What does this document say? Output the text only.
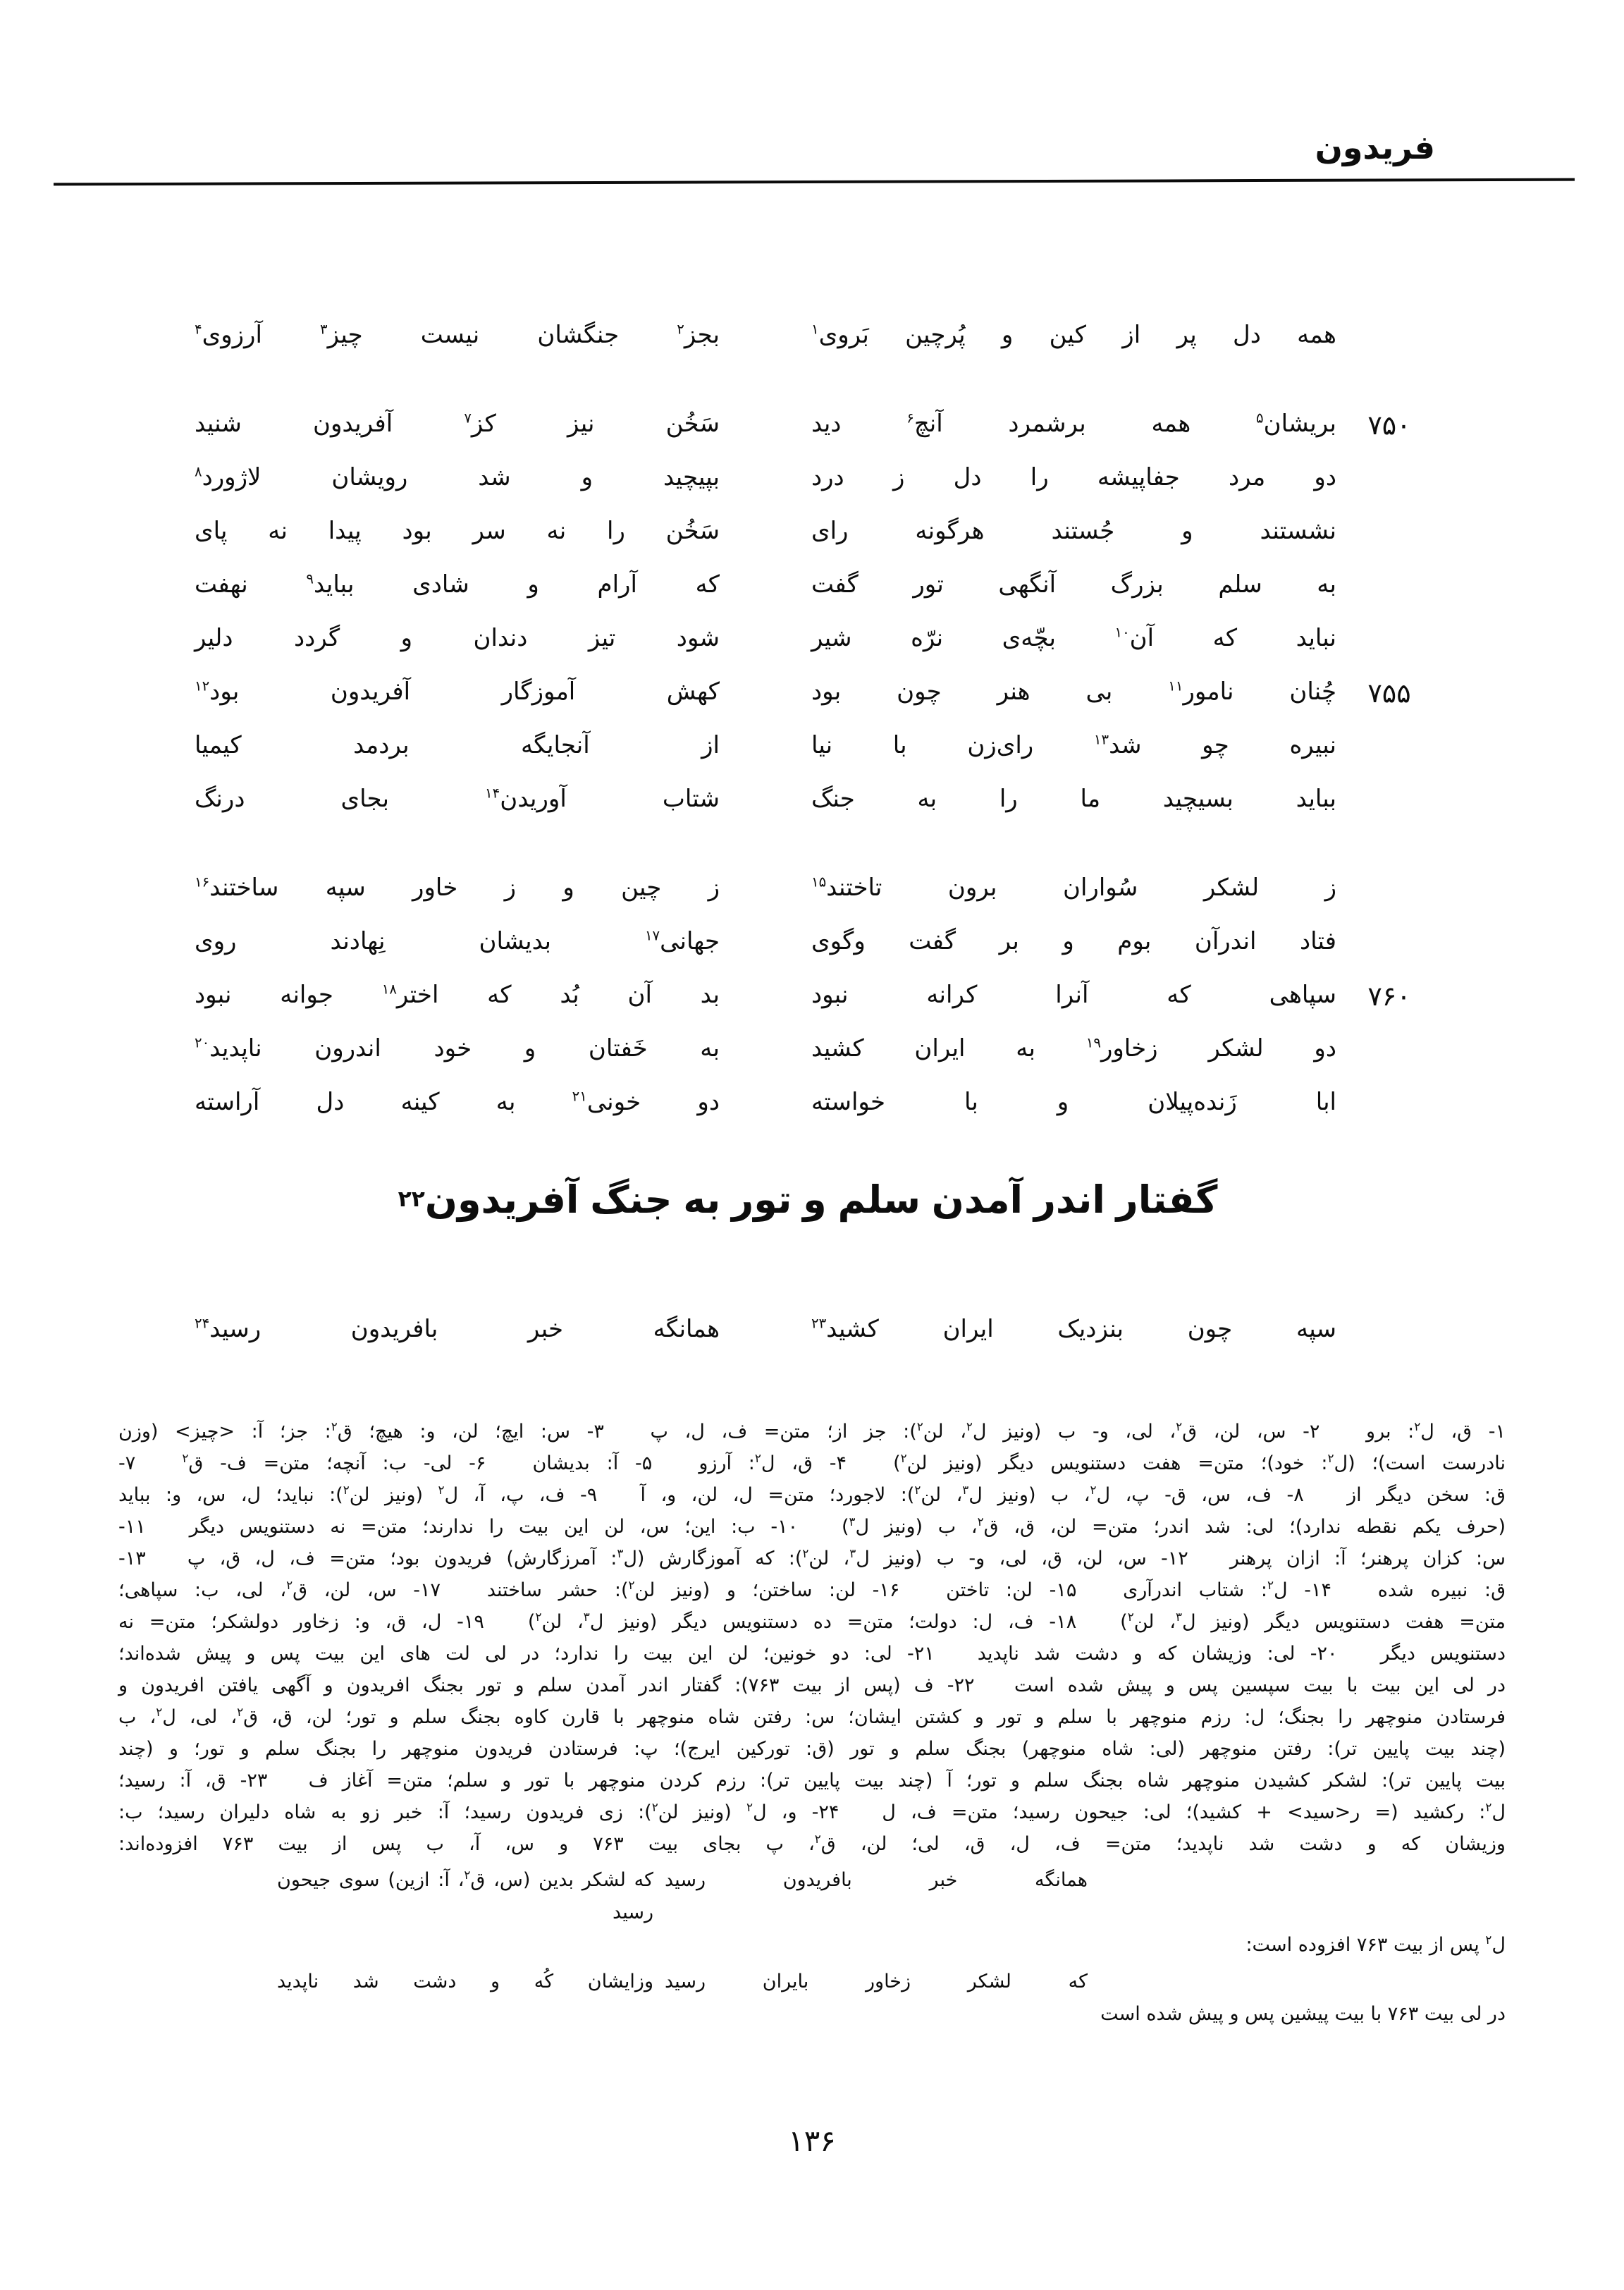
فریدون
همه دل پر از کین و پُرچین بَروی$^۱$
بجز$^۲$ جنگشان نیست چیز$^۳$ آرزوی$^۴$
۷۵۰
بریشان$^۵$ همه برشمرد آنچ$^۶$ دید
سَخُن نیز کز$^۷$ آفریدون شنید
دو مرد جفاپیشه را دل ز درد
بپیچید و شد رویشان لاژورد$^۸$
نشستند و جُستند هرگونه رای
سَخُن را نه سر بود پیدا نه پای
به سلم بزرگ آنگهی تور گفت
که آرام و شادی بباید$^۹$ نهفت
نباید که آن$^{۱۰}$ بچّه‌ی نرّه شیر
شود تیز دندان و گردد دلیر
۷۵۵
چُنان نامور$^{۱۱}$ بی هنر چون بود
کهش آموزگار آفریدون بود$^{۱۲}$
نبیره چو شد$^{۱۳}$ رای‌زن با نیا
از آنجایگه بردمد کیمیا
بباید بسیچید ما را به جنگ
شتاب آوریدن$^{۱۴}$ بجای درنگ
ز لشکر سُواران برون تاختند$^{۱۵}$
ز چین و ز خاور سپه ساختند$^{۱۶}$
فتاد اندرآن بوم و بر گفت وگوی
جهانی$^{۱۷}$ بدیشان نِهادند روی
۷۶۰
سپاهی که آنرا کرانه نبود
بد آن بُد که اختر$^{۱۸}$ جوانه نبود
دو لشکر زخاور$^{۱۹}$ به ایران کشید
به خَفتان و خود اندرون ناپدید$^{۲۰}$
ابا زَنده‌پیلان و با خواسته
دو خونی$^{۲۱}$ به کینه دل آراسته
گفتار اندر آمدن سلم و تور به جنگ آفریدون
۲۲
سپه چون بنزدیک ایران کشید$^{۲۳}$
همانگه خبر بافریدون رسید$^{۲۴}$
۱- ق، ل$^۲$: برو　 ۲- س، لن، ق$^۲$، لی، و- ب (ونیز ل$^۲$، لن$^۲$): جز از؛ متن= ف، ل، پ　 ۳- س: ایچ؛ لن، و: هیچ؛ ق$^۲$: جز؛ آ: <چیز> (وزن
نادرست است)؛ (ل$^۲$: خود)؛ متن= هفت دستنویس دیگر (ونیز لن$^۲$)　 ۴- ق، ل$^۲$: آرزو　 ۵- آ: بدیشان　 ۶- لی- ب: آنچه؛ متن= ف- ق$^۲$　 ۷-
ق: سخن دیگر از　 ۸- ف، س، ق- پ، ل$^۲$، ب (ونیز ل$^۳$، لن$^۲$): لاجورد؛ متن= ل، لن، و، آ　 ۹- ف، پ، آ، ل$^۲$ (ونیز لن$^۲$): نباید؛ ل، س، و: بباید
(حرف یکم نقطه ندارد)؛ لی: شد اندر؛ متن= لن، ق، ق$^۲$، ب (ونیز ل$^۳$)　 ۱۰- ب: این؛ س، لن این بیت را ندارند؛ متن= نه دستنویس دیگر　 ۱۱-
س: کزان پرهنر؛ آ: ازان پرهنر　 ۱۲- س، لن، ق، لی، و- ب (ونیز ل$^۳$، لن$^۲$): که آموزگارش (ل$^۳$: آمرزگارش) فریدون بود؛ متن= ف، ل، ق، پ　 ۱۳-
ق: نبیره شده　 ۱۴- ل$^۲$: شتاب اندرآری　 ۱۵- لن: تاختن　 ۱۶- لن: ساختن؛ و (ونیز لن$^۲$): حشر ساختند　 ۱۷- س، لن، ق$^۲$، لی، ب: سپاهی؛
متن= هفت دستنویس دیگر (ونیز ل$^۳$، لن$^۲$)　 ۱۸- ف، ل: دولت؛ متن= ده دستنویس دیگر (ونیز ل$^۳$، لن$^۲$)　 ۱۹- ل، ق، و: زخاور دولشکر؛ متن= نه
دستنویس دیگر　 ۲۰- لی: وزیشان که و دشت شد ناپدید　 ۲۱- لی: دو خونین؛ لن این بیت را ندارد؛ در لی لت های این بیت پس و پیش شده‌اند؛
در لی این بیت با بیت سپسین پس و پیش شده است　 ۲۲- ف (پس از بیت ۷۶۳): گفتار اندر آمدن سلم و تور بجنگ افریدون و آگهی یافتن افریدون و
فرستادن منوچهر را بجنگ؛ ل: رزم منوچهر با سلم و تور و کشتن ایشان؛ س: رفتن شاه منوچهر با قارن کاوه بجنگ سلم و تور؛ لن، ق، ق$^۲$، لی، ل$^۲$، ب
(چند بیت پایین تر): رفتن منوچهر (لی: شاه منوچهر) بجنگ سلم و تور (ق: تورکین ایرج)؛ پ: فرستادن فریدون منوچهر را بجنگ سلم و تور؛ و (چند
بیت پایین تر): لشکر کشیدن منوچهر شاه بجنگ سلم و تور؛ آ (چند بیت پایین تر): رزم کردن منوچهر با تور و سلم؛ متن= آغاز ف　 ۲۳- ق، آ: رسید؛
ل$^۲$: رکشید (= ر<سید> + کشید)؛ لی: جیحون رسید؛ متن= ف، ل　 ۲۴- و، ل$^۲$ (ونیز لن$^۲$): زی فریدون رسید؛ آ: خبر زو به شاه دلیران رسید؛ ب:
وزیشان که و دشت شد ناپدید؛ متن= ف، ل، ق، لی؛ لن، ق$^۲$، پ بجای بیت ۷۶۳ و س، آ، ب پس از بیت ۷۶۳ افزوده‌اند:
همانگه خبر بافریدون رسید
که لشکر بدین (س، ق$^۲$، آ: ازین) سوی جیحون رسید
ل$^۲$ پس از بیت ۷۶۳ افزوده است:
که لشکر زخاور بایران رسید
وزایشان کُه و دشت شد ناپدید
در لی بیت ۷۶۳ با بیت پیشین پس و پیش شده است
۱۳۶
